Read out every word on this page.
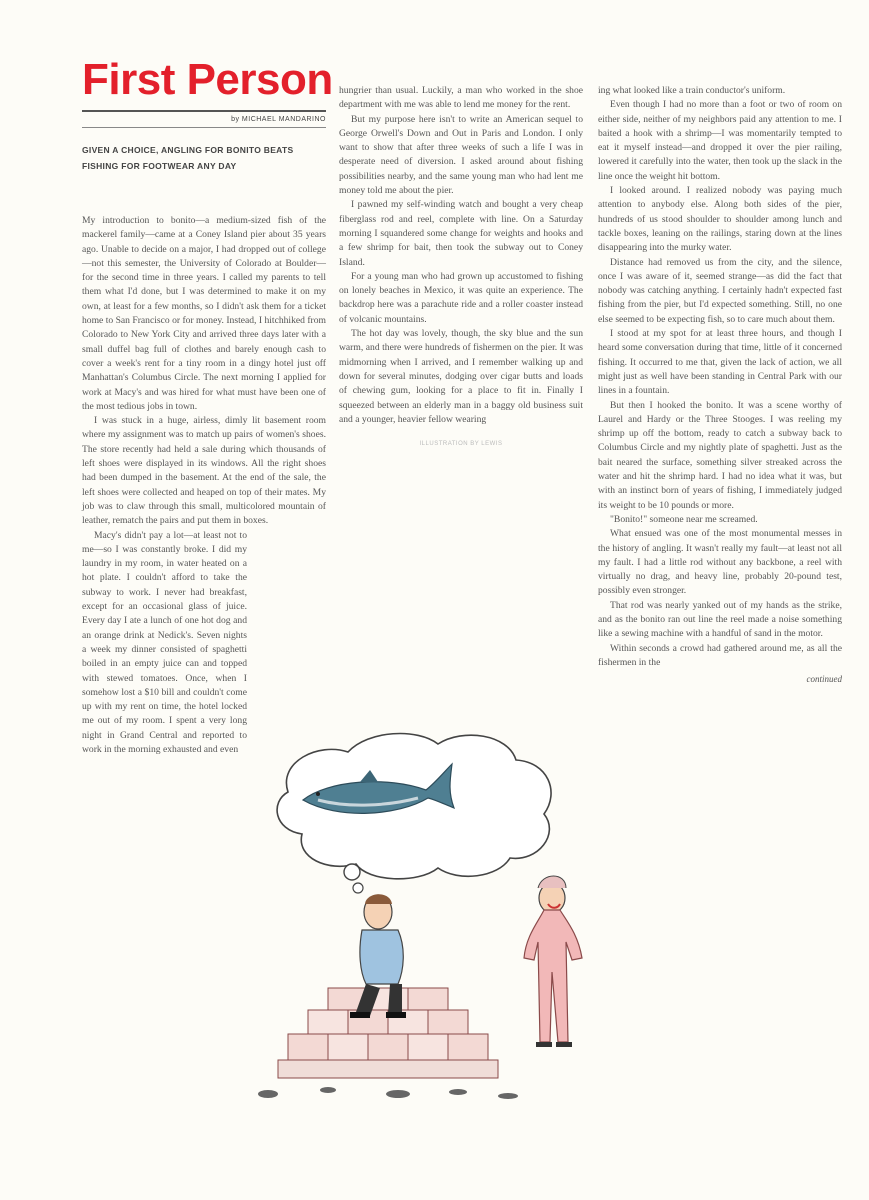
First Person
by MICHAEL MANDARINO
GIVEN A CHOICE, ANGLING FOR BONITO BEATS FISHING FOR FOOTWEAR ANY DAY

My introduction to bonito—a medium-sized fish of the mackerel family—came at a Coney Island pier about 35 years ago. Unable to decide on a major, I had dropped out of college—not this semester, the University of Colorado at Boulder—for the second time in three years. I called my parents to tell them what I'd done, but I was determined to make it on my own, at least for a few months, so I didn't ask them for a ticket home to San Francisco or for money. Instead, I hitchhiked from Colorado to New York City and arrived three days later with a small duffel bag full of clothes and barely enough cash to cover a week's rent for a tiny room in a dingy hotel just off Manhattan's Columbus Circle. The next morning I applied for work at Macy's and was hired for what must have been one of the most tedious jobs in town.

I was stuck in a huge, airless, dimly lit basement room where my assignment was to match up pairs of women's shoes. The store recently had held a sale during which thousands of left shoes were displayed in its windows. All the right shoes had been dumped in the basement. At the end of the sale, the left shoes were collected and heaped on top of their mates. My job was to claw through this small, multicolored mountain of leather, rematch the pairs and put them in boxes.

Macy's didn't pay a lot—at least not to me—so I was constantly broke. I did my laundry in my room, in water heated on a hot plate. I couldn't afford to take the subway to work. I never had breakfast, except for an occasional glass of juice. Every day I ate a lunch of one hot dog and an orange drink at Nedick's. Seven nights a week my dinner consisted of spaghetti boiled in an empty juice can and topped with stewed tomatoes. Once, when I somehow lost a $10 bill and couldn't come up with my rent on time, the hotel locked me out of my room. I spent a very long night in Grand Central and reported to work in the morning exhausted and even

hungrier than usual. Luckily, a man who worked in the shoe department with me was able to lend me money for the rent.

But my purpose here isn't to write an American sequel to George Orwell's Down and Out in Paris and London. I only want to show that after three weeks of such a life I was in desperate need of diversion. I asked around about fishing possibilities nearby, and the same young man who had lent me money told me about the pier.

I pawned my self-winding watch and bought a very cheap fiberglass rod and reel, complete with line. On a Saturday morning I squandered some change for weights and hooks and a few shrimp for bait, then took the subway out to Coney Island.

For a young man who had grown up accustomed to fishing on lonely beaches in Mexico, it was quite an experience. The backdrop here was a parachute ride and a roller coaster instead of volcanic mountains.

The hot day was lovely, though, the sky blue and the sun warm, and there were hundreds of fishermen on the pier. It was midmorning when I arrived, and I remember walking up and down for several minutes, dodging over cigar butts and loads of chewing gum, looking for a place to fit in. Finally I squeezed between an elderly man in a baggy old business suit and a younger, heavier fellow wearing

ILLUSTRATION BY LEWIS

ing what looked like a train conductor's uniform.

Even though I had no more than a foot or two of room on either side, neither of my neighbors paid any attention to me. I baited a hook with a shrimp—I was momentarily tempted to eat it myself instead—and dropped it over the pier railing, lowered it carefully into the water, then took up the slack in the line once the weight hit bottom.

I looked around. I realized nobody was paying much attention to anybody else. Along both sides of the pier, hundreds of us stood shoulder to shoulder among lunch and tackle boxes, leaning on the railings, staring down at the lines disappearing into the murky water.

Distance had removed us from the city, and the silence, once I was aware of it, seemed strange—as did the fact that nobody was catching anything. I certainly hadn't expected fast fishing from the pier, but I'd expected something. Still, no one else seemed to be expecting fish, so to care much about them.

I stood at my spot for at least three hours, and though I heard some conversation during that time, little of it concerned fishing. It occurred to me that, given the lack of action, we all might just as well have been standing in Central Park with our lines in a fountain.

But then I hooked the bonito. It was a scene worthy of Laurel and Hardy or the Three Stooges. I was reeling my shrimp up off the bottom, ready to catch a subway back to Columbus Circle and my nightly plate of spaghetti. Just as the bait neared the surface, something silver streaked across the water and hit the shrimp hard. I had no idea what it was, but with an instinct born of years of fishing, I immediately judged its weight to be 10 pounds or more.

"Bonito!" someone near me screamed.

What ensued was one of the most monumental messes in the history of angling. It wasn't really my fault—at least not all my fault. I had a little rod without any backbone, a reel with virtually no drag, and heavy line, probably 20-pound test, possibly even stronger.

That rod was nearly yanked out of my hands as the strike, and as the bonito ran out line the reel made a noise something like a sewing machine with a handful of sand in the motor.

Within seconds a crowd had gathered around me, as all the fishermen in the

continued
